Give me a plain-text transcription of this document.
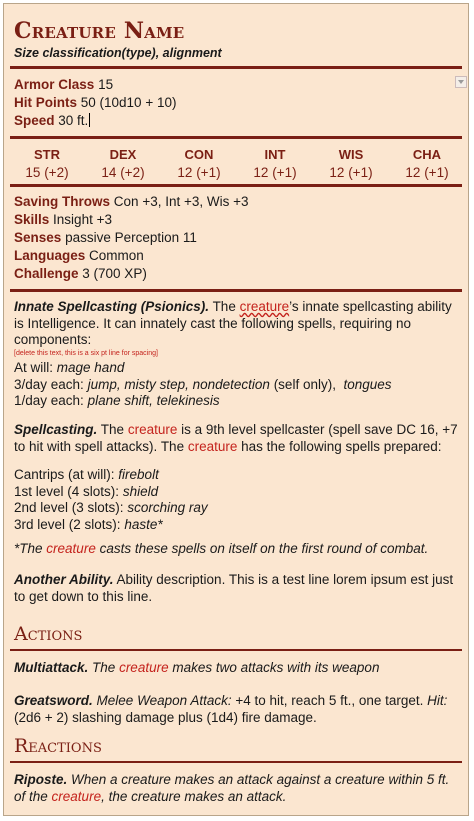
Creature Name
Size classification(type), alignment
Armor Class 15
Hit Points 50 (10d10 + 10)
Speed 30 ft.
STR
15 (+2)
DEX
14 (+2)
CON
12 (+1)
INT
12 (+1)
WIS
12 (+1)
CHA
12 (+1)
Saving Throws Con +3, Int +3, Wis +3
Skills Insight +3
Senses passive Perception 11
Languages Common
Challenge 3 (700 XP)
Innate Spellcasting (Psionics). The creature’s innate spellcasting ability is Intelligence. It can innately cast the following spells, requiring no components:
[delete this text, this is a six pt line for spacing]
At will: mage hand
3/day each: jump, misty step, nondetection (self only), tongues
1/day each: plane shift, telekinesis
Spellcasting. The creature is a 9th level spellcaster (spell save DC 16, +7 to hit with spell attacks). The creature has the following spells prepared:
Cantrips (at will): firebolt
1st level (4 slots): shield
2nd level (3 slots): scorching ray
3rd level (2 slots): haste*
*The creature casts these spells on itself on the first round of combat.
Another Ability. Ability description. This is a test line lorem ipsum est just to get down to this line.
Actions
Multiattack. The creature makes two attacks with its weapon
Greatsword. Melee Weapon Attack: +4 to hit, reach 5 ft., one target. Hit: (2d6 + 2) slashing damage plus (1d4) fire damage.
Reactions
Riposte. When a creature makes an attack against a creature within 5 ft. of the creature, the creature makes an attack.
